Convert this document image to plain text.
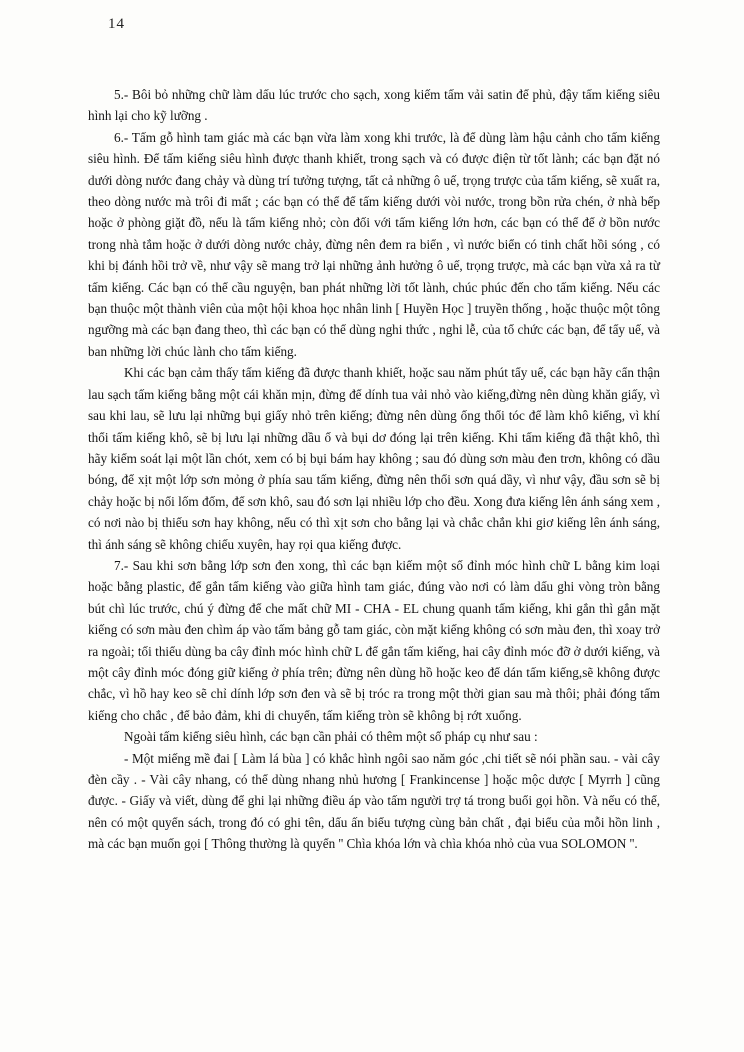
14

5.- Bôi bỏ những chữ làm dấu lúc trước cho sạch, xong kiếm tấm vải satin để phủ, đậy tấm kiếng siêu hình lại cho kỹ lưỡng .

6.- Tấm gỗ hình tam giác mà các bạn vừa làm xong khi trước, là để dùng làm hậu cảnh cho tấm kiếng siêu hình. Để tấm kiếng siêu hình được thanh khiết, trong sạch và có được điện từ tốt lành; các bạn đặt nó dưới dòng nước đang chảy và dùng trí tưởng tượng, tất cả những ô uế, trọng trược của tấm kiếng, sẽ xuất ra, theo dòng nước mà trôi đi mất ; các bạn có thể để tấm kiếng dưới vòi nước, trong bồn rửa chén, ở nhà bếp hoặc ở phòng giặt đồ, nếu là tấm kiếng nhỏ; còn đối với tấm kiếng lớn hơn, các bạn có thể để ở bồn nước trong nhà tắm hoặc ở dưới dòng nước chảy, đừng nên đem ra biển , vì nước biển có tinh chất hồi sóng , có khi bị đánh hồi trở về, như vậy sẽ mang trở lại những ảnh hưởng ô uế, trọng trược, mà các bạn vừa xả ra từ tấm kiếng. Các bạn có thể cầu nguyện, ban phát những lời tốt lành, chúc phúc đến cho tấm kiếng. Nếu các bạn thuộc một thành viên của một hội khoa học nhân linh [ Huyền Học ] truyền thống , hoặc thuộc một tông ngưỡng mà các bạn đang theo, thì các bạn có thể dùng nghi thức , nghi lễ, của tổ chức các bạn, để tẩy uế, và ban những lời chúc lành cho tấm kiếng.

Khi các bạn cảm thấy tấm kiếng đã được thanh khiết, hoặc sau năm phút tẩy uế, các bạn hãy cẩn thận lau sạch tấm kiếng bằng một cái khăn mịn, đừng để dính tua vải nhỏ vào kiếng,đừng nên dùng khăn giấy, vì sau khi lau, sẽ lưu lại những bụi giấy nhỏ trên kiếng; đừng nên dùng ống thổi tóc để làm khô kiếng, vì khí thổi tấm kiếng khô, sẽ bị lưu lại những dầu ố và bụi dơ đóng lại trên kiếng. Khi tấm kiếng đã thật khô, thì hãy kiểm soát lại một lần chót, xem có bị bụi bám hay không ; sau đó dùng sơn màu đen trơn, không có dầu bóng, để xịt một lớp sơn mỏng ở phía sau tấm kiếng, đừng nên thổi sơn quá dầy, vì như vậy, đầu sơn sẽ bị chảy hoặc bị nổi lốm đốm, để sơn khô, sau đó sơn lại nhiều lớp cho đều. Xong đưa kiếng lên ánh sáng xem , có nơi nào bị thiếu sơn hay không, nếu có thì xịt sơn cho bằng lại và chắc chắn khi giơ kiếng lên ánh sáng, thì ánh sáng sẽ không chiếu xuyên, hay rọi qua kiếng được.

7.- Sau khi sơn bằng lớp sơn đen xong, thì các bạn kiếm một số đỉnh móc hình chữ L bằng kim loại hoặc bằng plastic, để gắn tấm kiếng vào giữa hình tam giác, đúng vào nơi có làm dấu ghi vòng tròn bằng bút chì lúc trước, chú ý đừng để che mất chữ MI - CHA - EL chung quanh tấm kiếng, khi gắn thì gắn mặt kiếng có sơn màu đen chìm áp vào tấm bảng gỗ tam giác, còn mặt kiếng không có sơn màu đen, thì xoay trở ra ngoài; tối thiểu dùng ba cây đỉnh móc hình chữ L để gắn tấm kiếng, hai cây đỉnh móc đỡ ở dưới kiếng, và một cây đỉnh móc đóng giữ kiếng ở phía trên; đừng nên dùng hồ hoặc keo để dán tấm kiếng,sẽ không được chắc, vì hồ hay keo sẽ chỉ dính lớp sơn đen và sẽ bị tróc ra trong một thời gian sau mà thôi; phải đóng tấm kiếng cho chắc , để bảo đảm, khi di chuyển, tấm kiếng tròn sẽ không bị rớt xuống.

Ngoài tấm kiếng siêu hình, các bạn cần phải có thêm một số pháp cụ như sau :

- Một miếng mề đai [ Làm lá bùa ] có khắc hình ngôi sao năm góc ,chi tiết sẽ nói phần sau. - vài cây đèn cầy . - Vài cây nhang, có thể dùng nhang nhủ hương [ Frankincense ] hoặc mộc dược [ Myrrh ] cũng được. - Giấy và viết, dùng để ghi lại những điều áp vào tấm người trợ tá trong buổi gọi hồn. Và nếu có thể, nên có một quyển sách, trong đó có ghi tên, dấu ấn biểu tượng cùng bản chất , đại biểu của mỗi hồn linh , mà các bạn muốn gọi [ Thông thường là quyển '' Chìa khóa lớn và chìa khóa nhỏ của vua SOLOMON ''.
